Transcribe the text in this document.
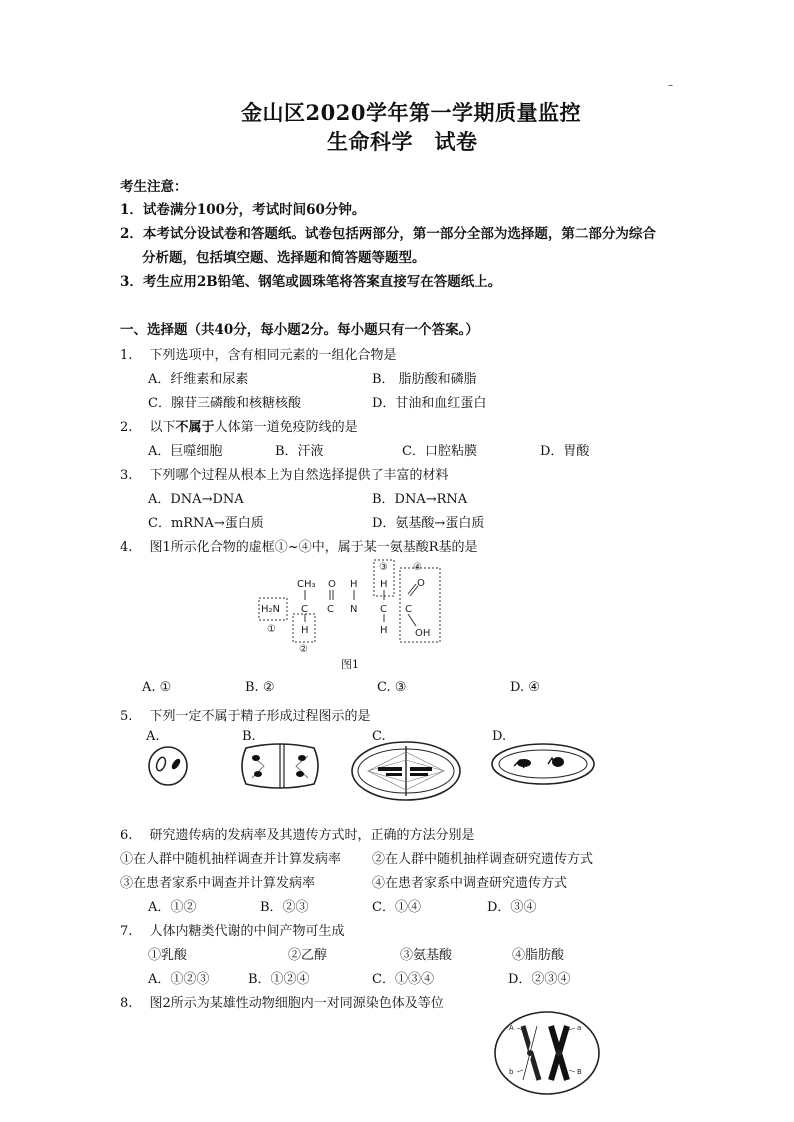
–
金山区2020学年第一学期质量监控
生命科学　试卷
考生注意：
1．试卷满分100分，考试时间60分钟。
2．本考试分设试卷和答题纸。试卷包括两部分，第一部分全部为选择题，第二部分为综合
分析题，包括填空题、选择题和简答题等题型。
3．考生应用2B铅笔、钢笔或圆珠笔将答案直接写在答题纸上。
一、选择题（共40分，每小题2分。每小题只有一个答案。）
1.　 下列选项中，含有相同元素的一组化合物是
A．纤维素和尿素	B． 脂肪酸和磷脂
C．腺苷三磷酸和核糖核酸	D．甘油和血红蛋白
2.　 以下不属于人体第一道免疫防线的是
A．巨噬细胞	B．汗液	C．口腔粘膜	D．胃酸
3.　 下列哪个过程从根本上为自然选择提供了丰富的材料
A．DNA→DNA	B．DNA→RNA
C．mRNA→蛋白质	D．氨基酸→蛋白质
4.　 图1所示化合物的虚框①~④中，属于某一氨基酸R基的是
CH₃ O H H	O
H₂N C C N C C
H	H	OH
①
②
③	④
图1
A. ①	B. ②	C. ③	D. ④
5.　 下列一定不属于精子形成过程图示的是
A.	B.	C.	D.
6.　 研究遗传病的发病率及其遗传方式时，正确的方法分别是
①在人群中随机抽样调查并计算发病率 ②在人群中随机抽样调查研究遗传方式
③在患者家系中调查并计算发病率	④在患者家系中调查研究遗传方式
A．①②	B．②③	C．①④	D．③④
7.　 人体内糖类代谢的中间产物可生成
①乳酸	②乙醇	③氨基酸	④脂肪酸
A．①②③	B．①②④	C．①③④	D．②③④
8.　 图2所示为某雄性动物细胞内一对同源染色体及等位
A	a
b	B
